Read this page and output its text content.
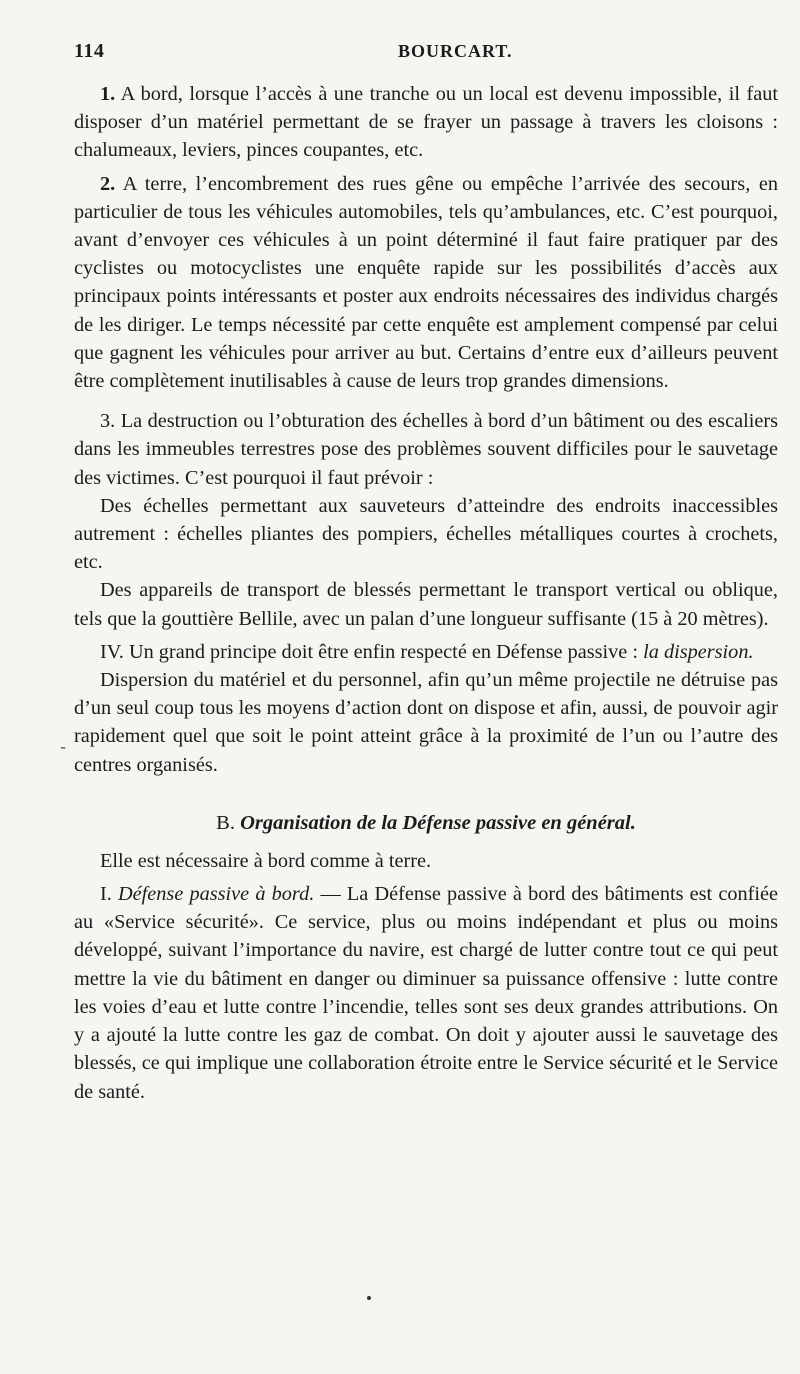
114	BOURCART.

1. A bord, lorsque l’accès à une tranche ou un local est devenu impossible, il faut disposer d’un matériel permettant de se frayer un passage à travers les cloisons : chalumeaux, leviers, pinces coupantes, etc.

2. A terre, l’encombrement des rues gêne ou empêche l’arrivée des secours, en particulier de tous les véhicules automobiles, tels qu’ambulances, etc. C’est pourquoi, avant d’envoyer ces véhicules à un point déterminé il faut faire pratiquer par des cyclistes ou motocyclistes une enquête rapide sur les possibilités d’accès aux principaux points intéressants et poster aux endroits nécessaires des individus chargés de les diriger. Le temps nécessité par cette enquête est amplement compensé par celui que gagnent les véhicules pour arriver au but. Certains d’entre eux d’ailleurs peuvent être complètement inutilisables à cause de leurs trop grandes dimensions.

3. La destruction ou l’obturation des échelles à bord d’un bâtiment ou des escaliers dans les immeubles terrestres pose des problèmes souvent difficiles pour le sauvetage des victimes. C’est pourquoi il faut prévoir :

Des échelles permettant aux sauveteurs d’atteindre des endroits inaccessibles autrement : échelles pliantes des pompiers, échelles métalliques courtes à crochets, etc.

Des appareils de transport de blessés permettant le transport vertical ou oblique, tels que la gouttière Bellile, avec un palan d’une longueur suffisante (15 à 20 mètres).

IV. Un grand principe doit être enfin respecté en Défense passive : la dispersion.

Dispersion du matériel et du personnel, afin qu’un même projectile ne détruise pas d’un seul coup tous les moyens d’action dont on dispose et afin, aussi, de pouvoir agir rapidement quel que soit le point atteint grâce à la proximité de l’un ou l’autre des centres organisés.

B. Organisation de la Défense passive en général.

Elle est nécessaire à bord comme à terre.

I. Défense passive à bord. — La Défense passive à bord des bâtiments est confiée au «Service sécurité». Ce service, plus ou moins indépendant et plus ou moins développé, suivant l’importance du navire, est chargé de lutter contre tout ce qui peut mettre la vie du bâtiment en danger ou diminuer sa puissance offensive : lutte contre les voies d’eau et lutte contre l’incendie, telles sont ses deux grandes attributions. On y a ajouté la lutte contre les gaz de combat. On doit y ajouter aussi le sauvetage des blessés, ce qui implique une collaboration étroite entre le Service sécurité et le Service de santé.

-
